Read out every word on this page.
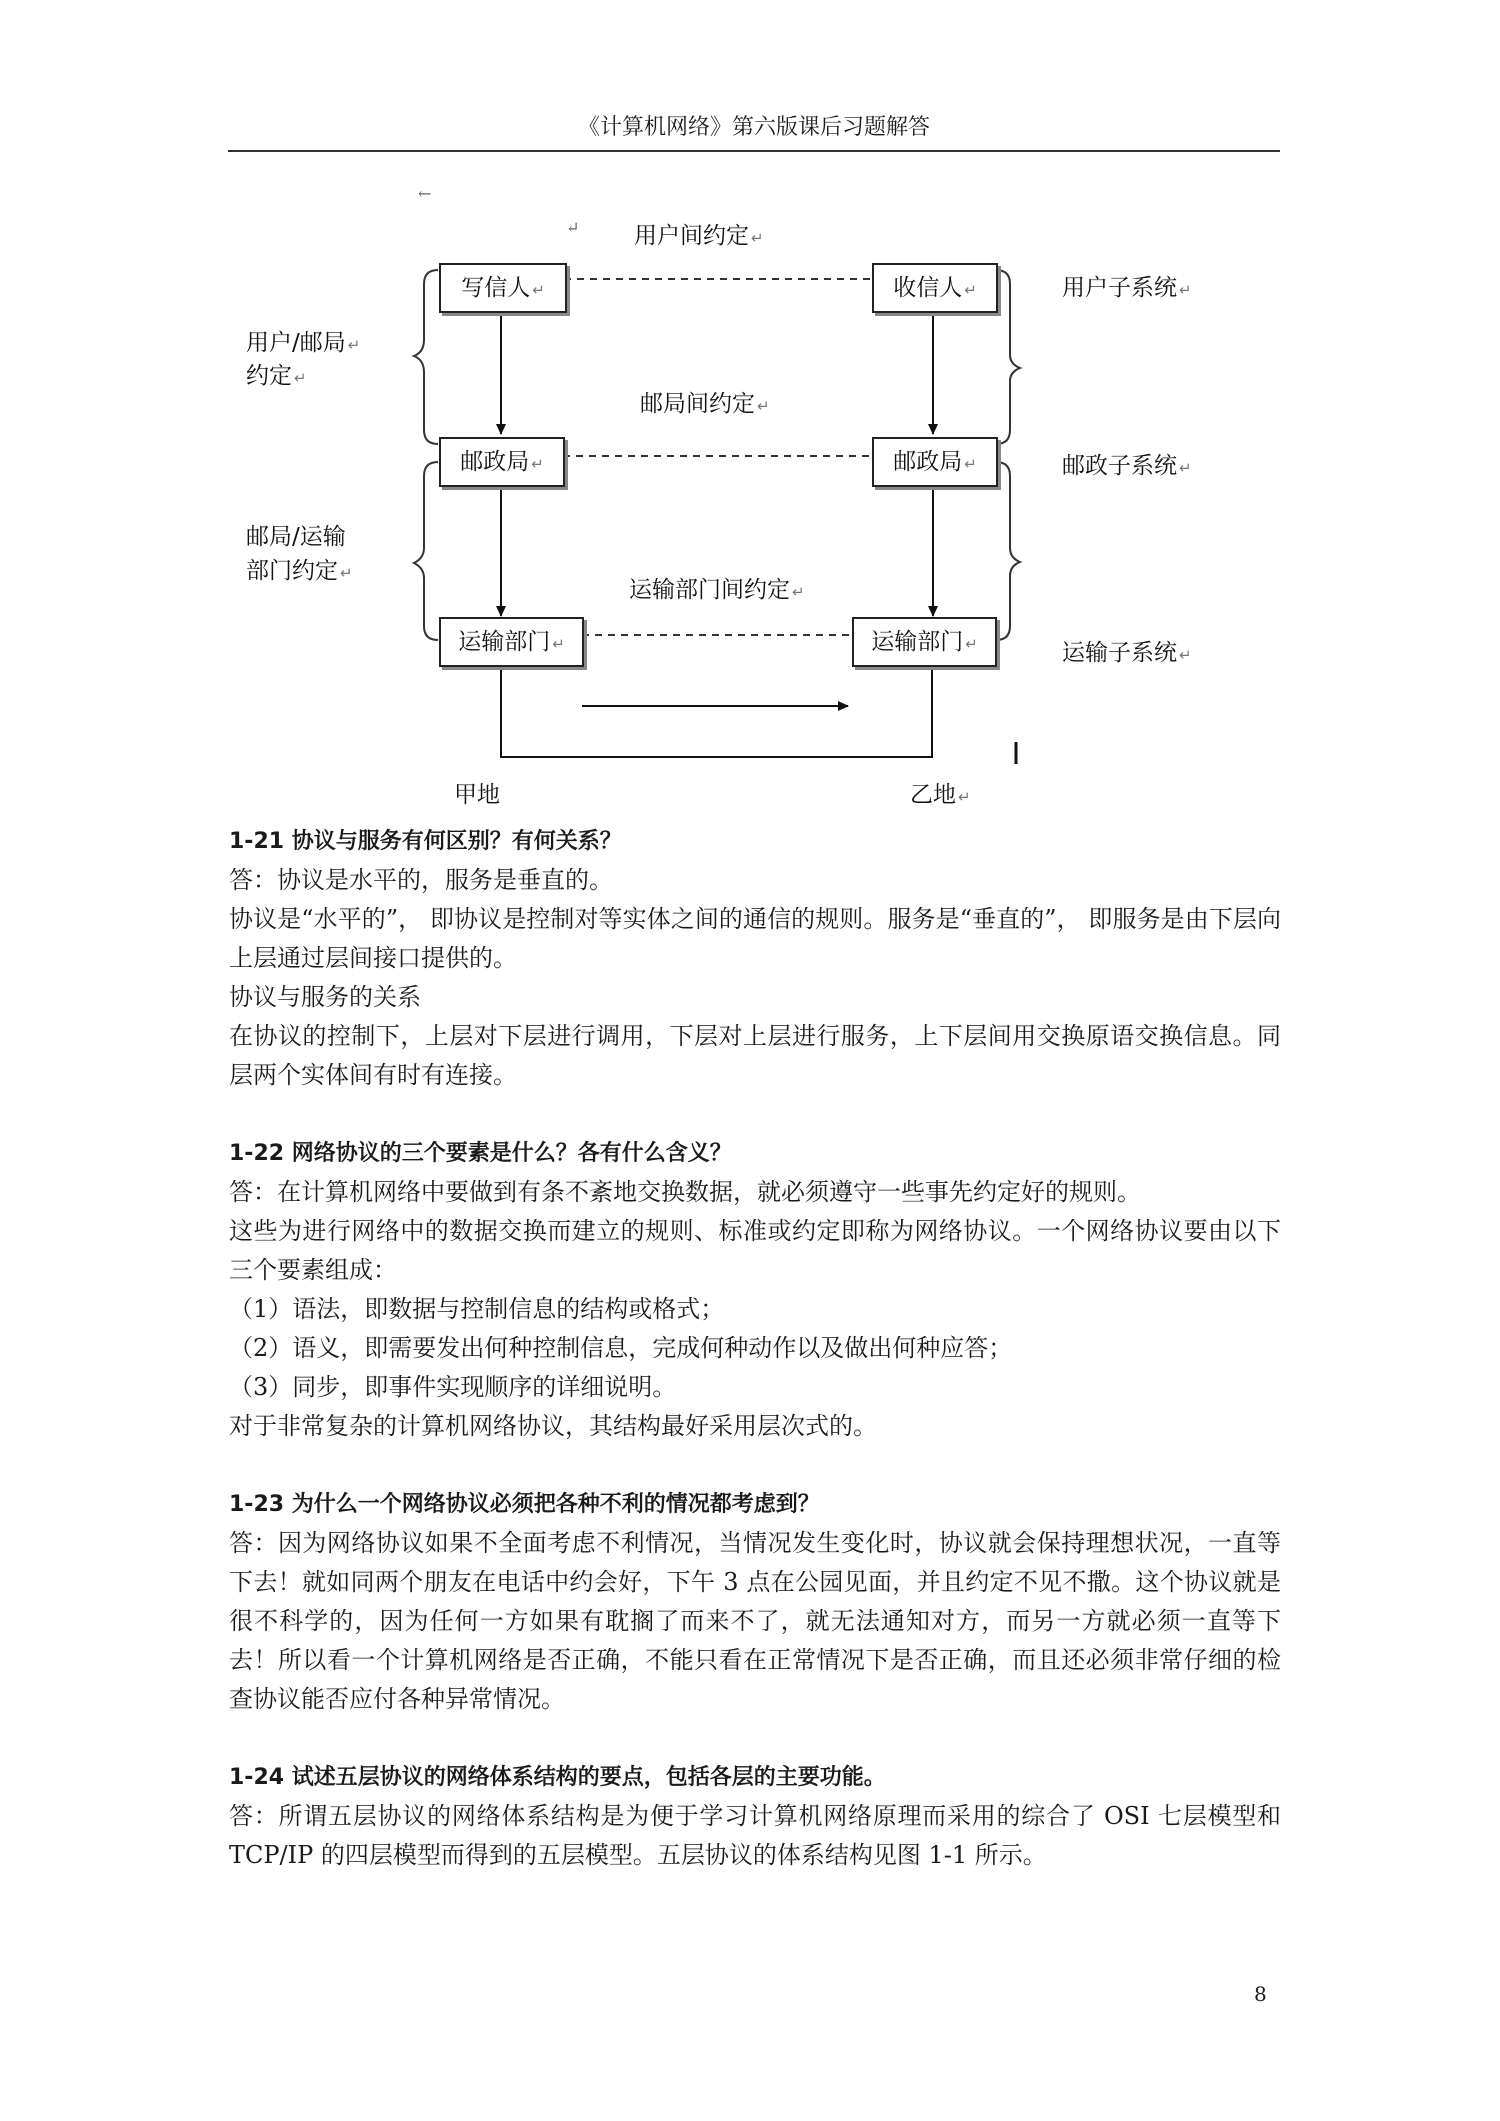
《计算机网络》第六版课后习题解答
←
↵ 用户间约定 ↵
写信人 ↵	收信人 ↵
邮政局 ↵	邮政局 ↵
运输部门 ↵	运输部门 ↵
用户/邮局 ↵
约定 ↵
邮局/运输
部门约定 ↵
邮局间约定 ↵
运输部门间约定 ↵
用户子系统 ↵
邮政子系统 ↵
运输子系统 ↵
甲地	乙地 ↵

1-21 协议与服务有何区别？有何关系？

答：协议是水平的，服务是垂直的。

协议是“水平的”， 即协议是控制对等实体之间的通信的规则。服务是“垂直的”， 即服务是由下层向上层通过层间接口提供的。

协议与服务的关系

在协议的控制下，上层对下层进行调用，下层对上层进行服务，上下层间用交换原语交换信息。同层两个实体间有时有连接。

1-22 网络协议的三个要素是什么？各有什么含义？

答：在计算机网络中要做到有条不紊地交换数据，就必须遵守一些事先约定好的规则。

这些为进行网络中的数据交换而建立的规则、标准或约定即称为网络协议。一个网络协议要由以下三个要素组成：

（1）语法，即数据与控制信息的结构或格式；

（2）语义，即需要发出何种控制信息，完成何种动作以及做出何种应答；

（3）同步，即事件实现顺序的详细说明。

对于非常复杂的计算机网络协议，其结构最好采用层次式的。

1-23 为什么一个网络协议必须把各种不利的情况都考虑到？

答：因为网络协议如果不全面考虑不利情况，当情况发生变化时，协议就会保持理想状况，一直等下去！就如同两个朋友在电话中约会好，下午 3 点在公园见面，并且约定不见不撒。这个协议就是很不科学的，因为任何一方如果有耽搁了而来不了，就无法通知对方，而另一方就必须一直等下去！所以看一个计算机网络是否正确，不能只看在正常情况下是否正确，而且还必须非常仔细的检查协议能否应付各种异常情况。

1-24 试述五层协议的网络体系结构的要点，包括各层的主要功能。

答：所谓五层协议的网络体系结构是为便于学习计算机网络原理而采用的综合了 OSI 七层模型和 TCP/IP 的四层模型而得到的五层模型。五层协议的体系结构见图 1-1 所示。

8
